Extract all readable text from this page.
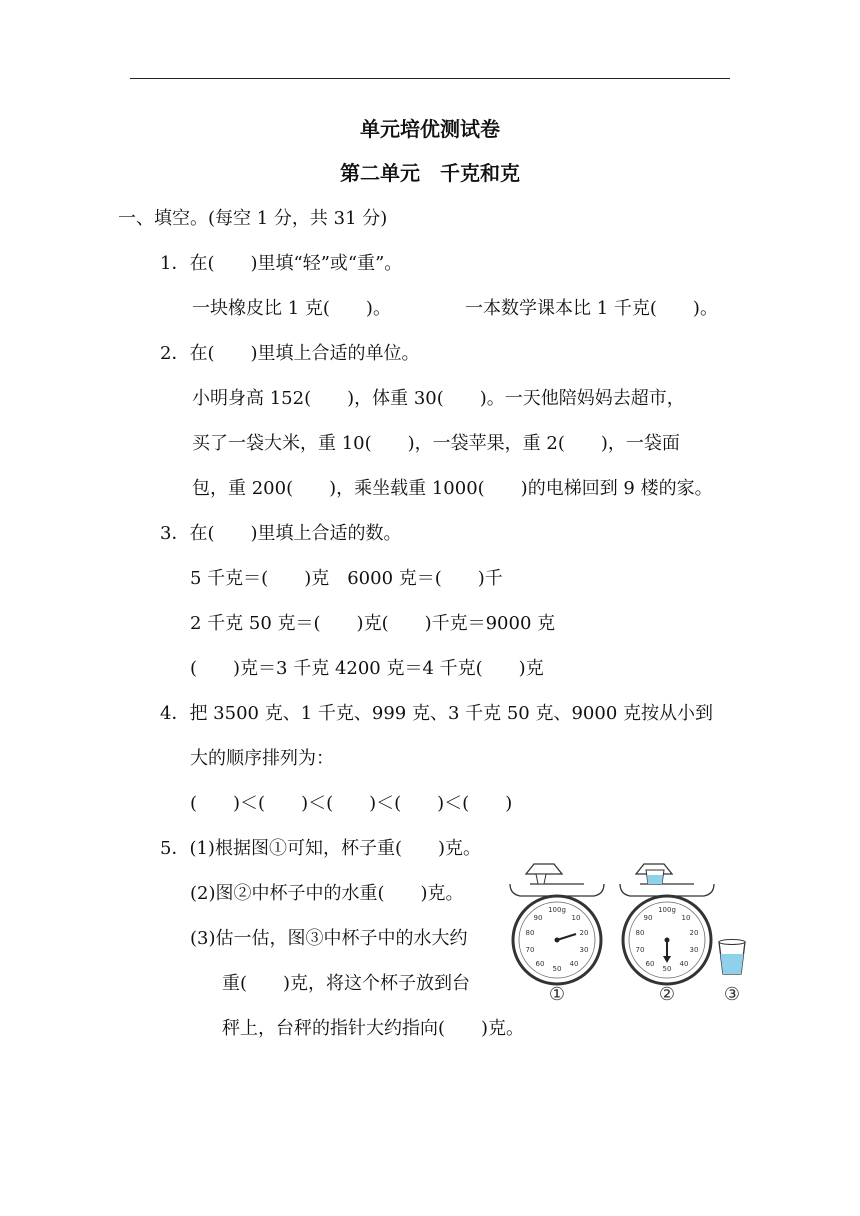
单元培优测试卷
第二单元　千克和克
一、填空。(每空 1 分，共 31 分)
1．在(　　)里填“轻”或“重”。
一块橡皮比 1 克(　　)。	一本数学课本比 1 千克(　　)。
2．在(　　)里填上合适的单位。
小明身高 152(　　)，体重 30(　　)。一天他陪妈妈去超市，
买了一袋大米，重 10(　　)，一袋苹果，重 2(　　)，一袋面
包，重 200(　　)，乘坐载重 1000(　　)的电梯回到 9 楼的家。
3．在(　　)里填上合适的数。
5 千克＝(　　)克　6000 克＝(　　)千
2 千克 50 克＝(　　)克(　　)千克＝9000 克
(　　)克＝3 千克 4200 克＝4 千克(　　)克
4．把 3500 克、1 千克、999 克、3 千克 50 克、9000 克按从小到
大的顺序排列为：
(　　)＜(　　)＜(　　)＜(　　)＜(　　)
5．(1)根据图①可知，杯子重(　　)克。
(2)图②中杯子中的水重(　　)克。
(3)估一估，图③中杯子中的水大约
重(　　)克，将这个杯子放到台
秤上，台秤的指针大约指向(　　)克。
100g
10
20
30
40
50
60
70
80
90
①
100g
10
20
30
40
50
60
70
80
90
②	③
